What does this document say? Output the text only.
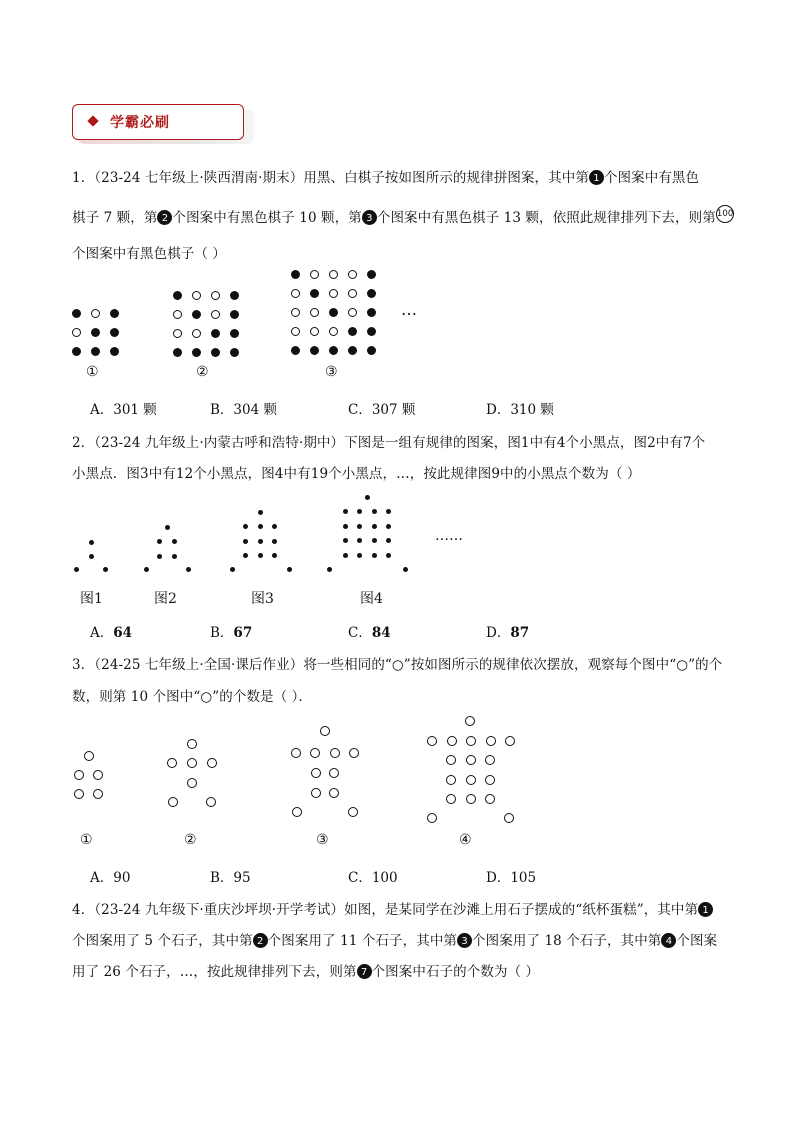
学霸必刷
1．（23-24 七年级上·陕西渭南·期末）用黑、白棋子按如图所示的规律拼图案，其中第 1 个图案中有黑色
棋子 7 颗，第 2 个图案中有黑色棋子 10 颗，第 3 个图案中有黑色棋子 13 颗，依照此规律排列下去，则第100
个图案中有黑色棋子（ ）
①	②	③
…
A．301 颗	B．304 颗	C．307 颗	D．310 颗
2．（23-24 九年级上·内蒙古呼和浩特·期中）下图是一组有规律的图案，图1中有4个小黑点，图2中有7个
小黑点．图3中有12个小黑点，图4中有19个小黑点，…，按此规律图9中的小黑点个数为（ ）
图1	图2	图3	图4
……
A．64	B．67	C．84	D．87
3．（24-25 七年级上·全国·课后作业）将一些相同的“○”按如图所示的规律依次摆放，观察每个图中“○”的个
数，则第 10 个图中“○”的个数是（ ）．
①	②	③	④
A．90	B．95	C．100	D．105
4．（23-24 九年级下·重庆沙坪坝·开学考试）如图，是某同学在沙滩上用石子摆成的“纸杯蛋糕”，其中第 1
个图案用了 5 个石子，其中第 2 个图案用了 11 个石子，其中第 3 个图案用了 18 个石子，其中第 4 个图案
用了 26 个石子，…，按此规律排列下去，则第 7 个图案中石子的个数为（ ）
